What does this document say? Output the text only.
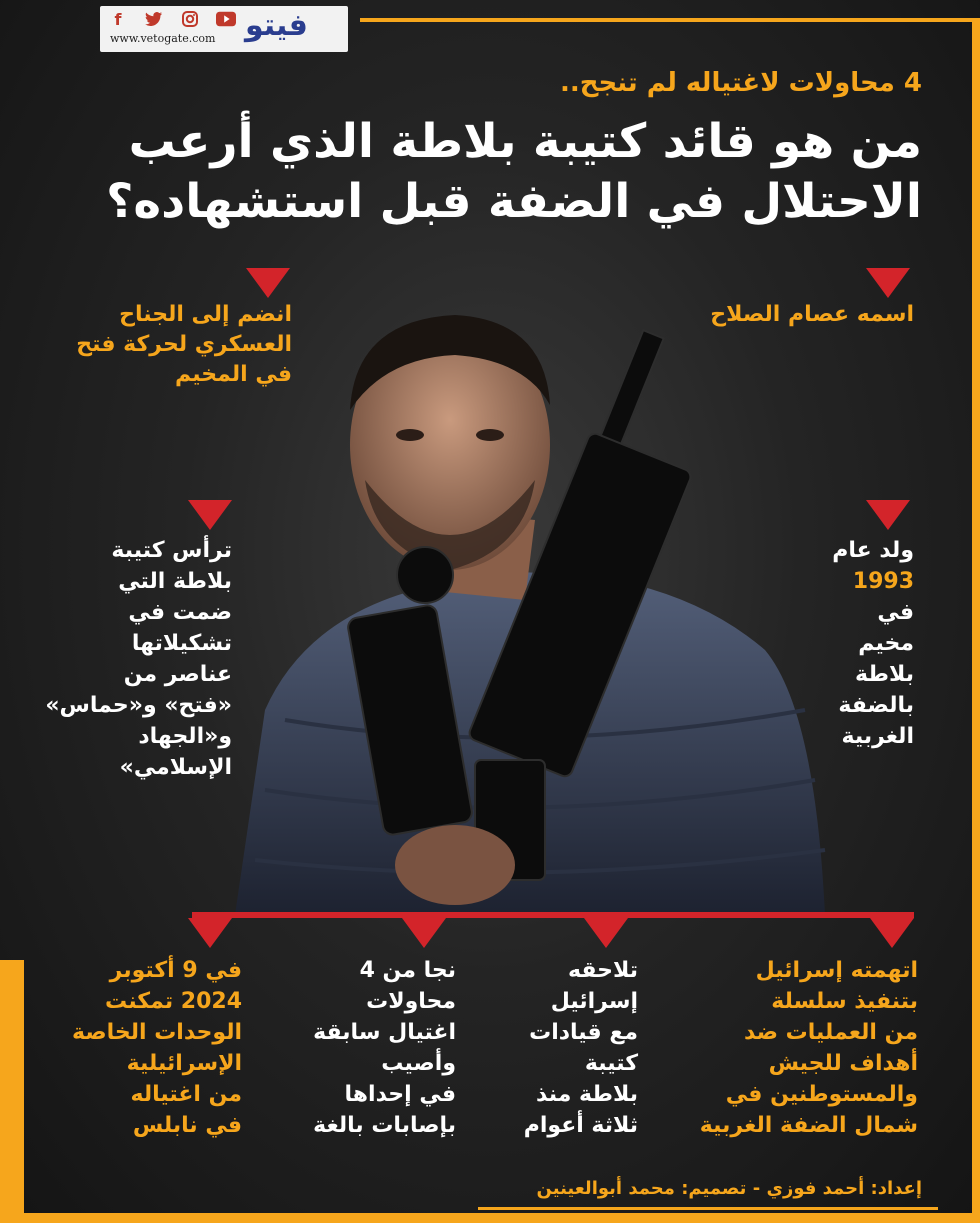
f
www.vetogate.com فيتو
4 محاولات لاغتياله لم تنجح..
من هو قائد كتيبة بلاطة الذي أرعب الاحتلال في الضفة قبل استشهاده؟
اسمه عصام الصلاح
انضم إلى الجناح
العسكري لحركة فتح
في المخيم
ولد عام
1993
في
مخيم
بلاطة
بالضفة
الغربية
ترأس كتيبة
بلاطة التي
ضمت في
تشكيلاتها
عناصر من
«فتح» و«حماس»
و«الجهاد
الإسلامي»
اتهمته إسرائيل
بتنفيذ سلسلة
من العمليات ضد
أهداف للجيش
والمستوطنين في
شمال الضفة الغربية
تلاحقه
إسرائيل
مع قيادات
كتيبة
بلاطة منذ
ثلاثة أعوام
نجا من 4
محاولات
اغتيال سابقة
وأصيب
في إحداها
بإصابات بالغة
في 9 أكتوبر
2024 تمكنت
الوحدات الخاصة
الإسرائيلية
من اغتياله
في نابلس
إعداد: أحمد فوزي - تصميم: محمد أبوالعينين
